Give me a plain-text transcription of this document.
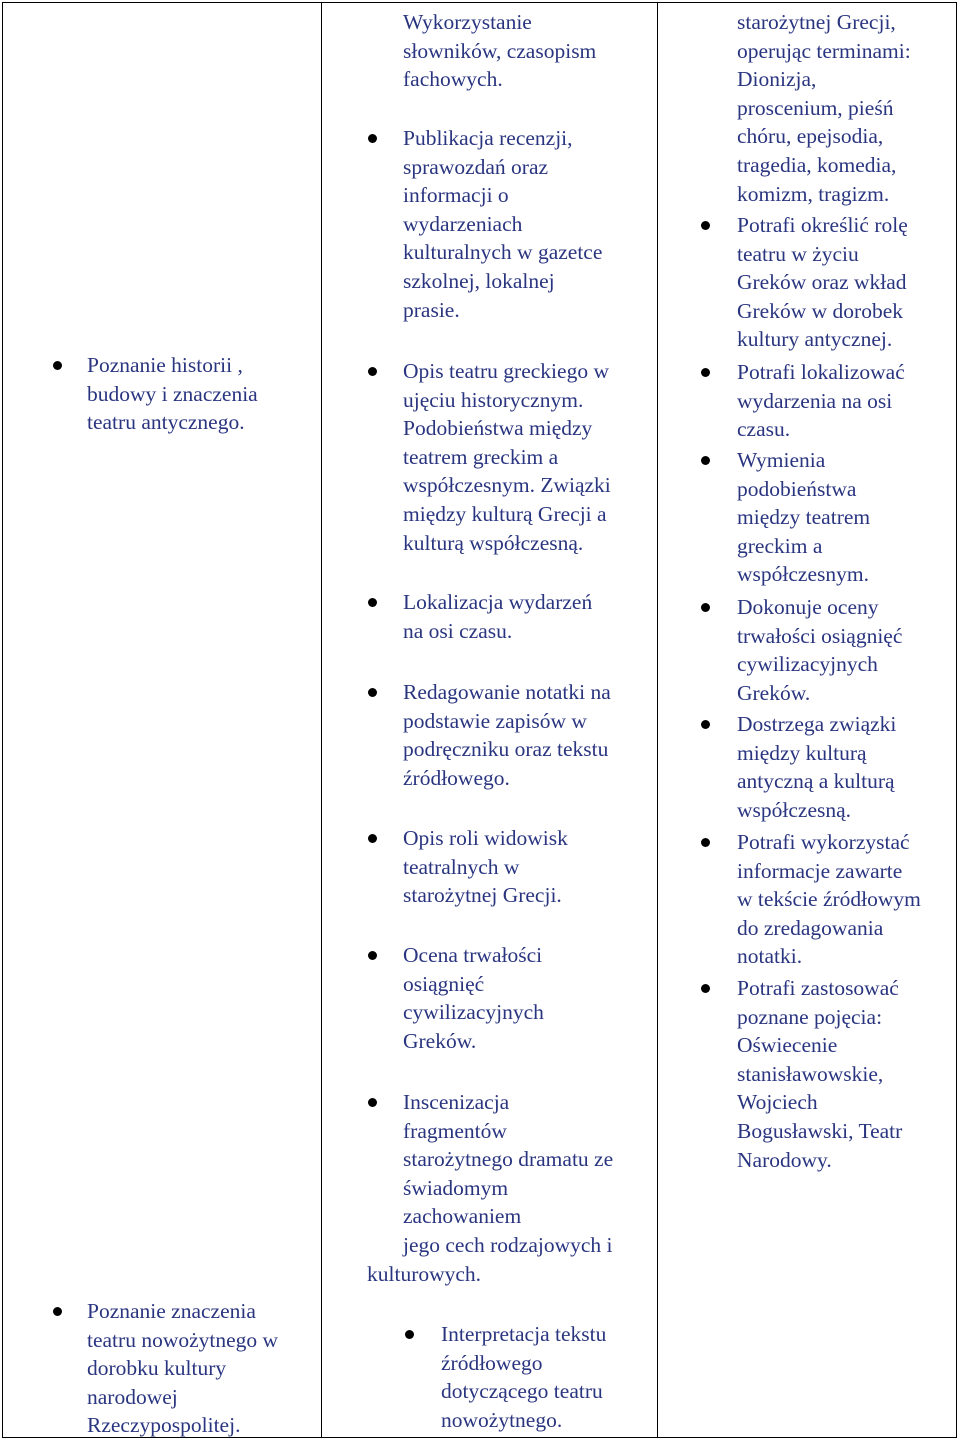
Poznanie historii ,
budowy i znaczenia
teatru antycznego.
Poznanie znaczenia
teatru nowożytnego w
dorobku kultury
narodowej
Rzeczypospolitej.
Wykorzystanie
słowników, czasopism
fachowych.
Publikacja recenzji,
sprawozdań oraz
informacji o
wydarzeniach
kulturalnych w gazetce
szkolnej, lokalnej
prasie.
Opis teatru greckiego w
ujęciu historycznym.
Podobieństwa między
teatrem greckim a
współczesnym. Związki
między kulturą Grecji a
kulturą współczesną.
Lokalizacja wydarzeń
na osi czasu.
Redagowanie notatki na
podstawie zapisów w
podręczniku oraz tekstu
źródłowego.
Opis roli widowisk
teatralnych w
starożytnej Grecji.
Ocena trwałości
osiągnięć
cywilizacyjnych
Greków.
Inscenizacja
fragmentów
starożytnego dramatu ze
świadomym
zachowaniem
jego cech rodzajowych i
kulturowych.
Interpretacja tekstu
źródłowego
dotyczącego teatru
nowożytnego.
starożytnej Grecji,
operując terminami:
Dionizja,
proscenium, pieśń
chóru, epejsodia,
tragedia, komedia,
komizm, tragizm.
Potrafi określić rolę
teatru w życiu
Greków oraz wkład
Greków w dorobek
kultury antycznej.
Potrafi lokalizować
wydarzenia na osi
czasu.
Wymienia
podobieństwa
między teatrem
greckim a
współczesnym.
Dokonuje oceny
trwałości osiągnięć
cywilizacyjnych
Greków.
Dostrzega związki
między kulturą
antyczną a kulturą
współczesną.
Potrafi wykorzystać
informacje zawarte
w tekście źródłowym
do zredagowania
notatki.
Potrafi zastosować
poznane pojęcia:
Oświecenie
stanisławowskie,
Wojciech
Bogusławski, Teatr
Narodowy.
